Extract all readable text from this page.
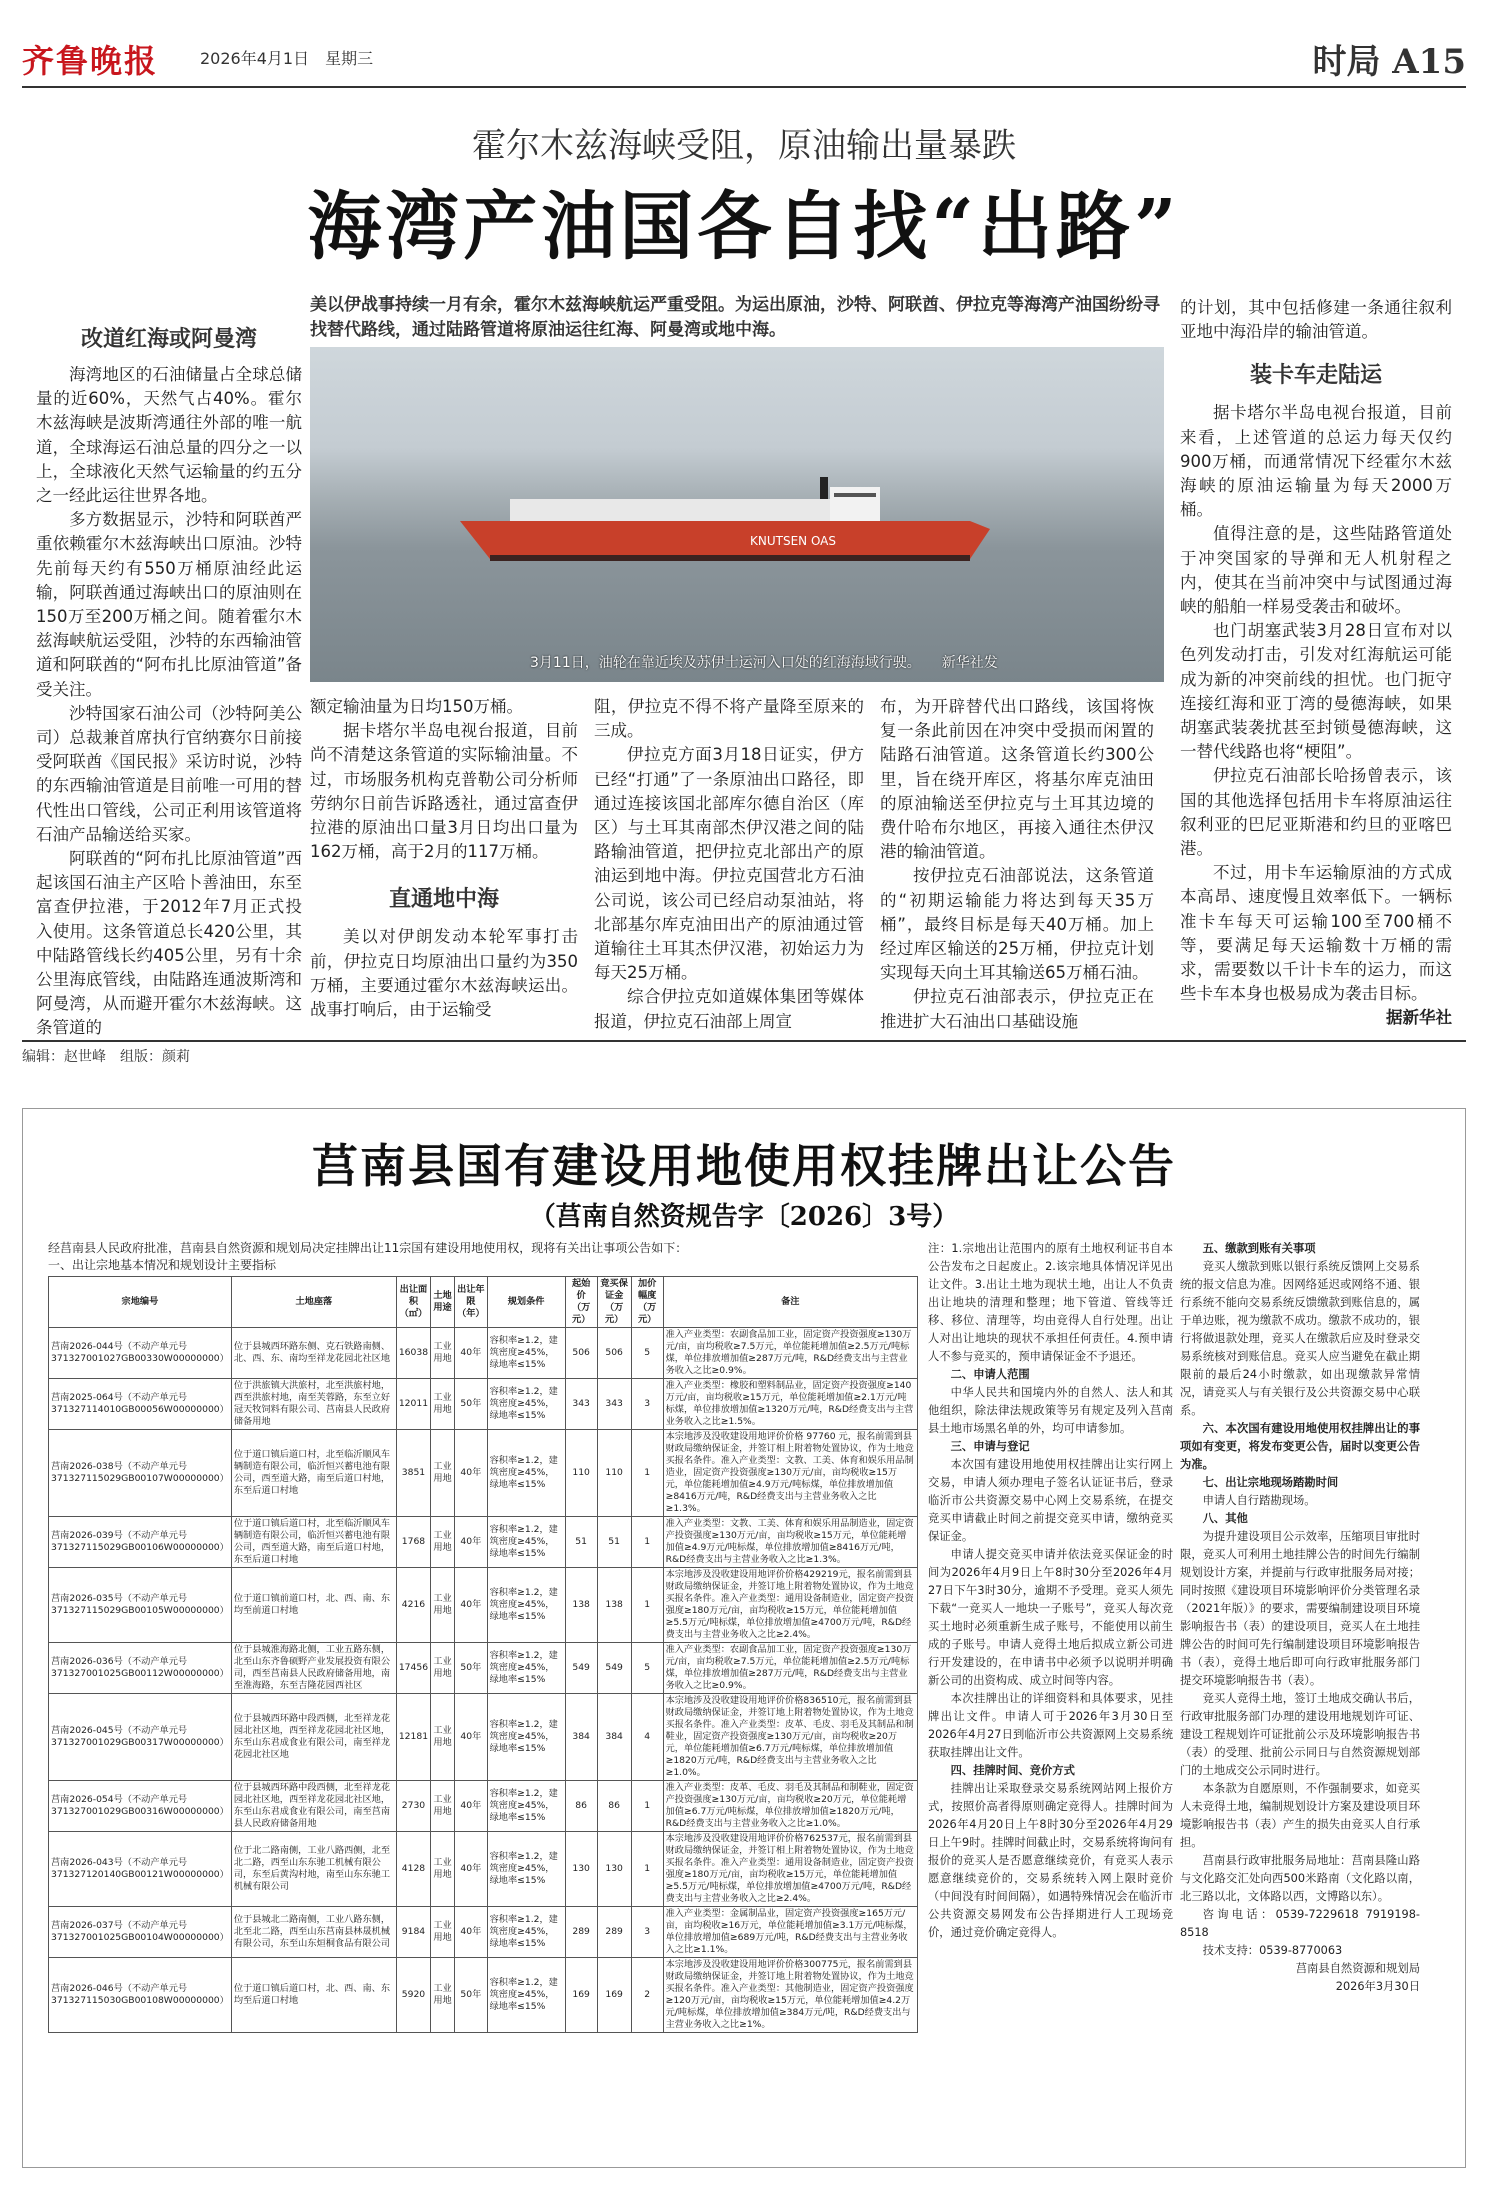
齐鲁晚报	2026年4月1日　 星期三	时局 A15
霍尔木兹海峡受阻，原油输出量暴跌
海湾产油国各自找“出路”
美以伊战事持续一月有余，霍尔木兹海峡航运严重受阻。为运出原油，沙特、阿联酋、伊拉克等海湾产油国纷纷寻找替代路线，通过陆路管道将原油运往红海、阿曼湾或地中海。
改道红海或阿曼湾

海湾地区的石油储量占全球总储量的近60%，天然气占40%。霍尔木兹海峡是波斯湾通往外部的唯一航道，全球海运石油总量的四分之一以上，全球液化天然气运输量的约五分之一经此运往世界各地。

多方数据显示，沙特和阿联酋严重依赖霍尔木兹海峡出口原油。沙特先前每天约有550万桶原油经此运输，阿联酋通过海峡出口的原油则在150万至200万桶之间。随着霍尔木兹海峡航运受阻，沙特的东西输油管道和阿联酋的“阿布扎比原油管道”备受关注。

沙特国家石油公司（沙特阿美公司）总裁兼首席执行官纳赛尔日前接受阿联酋《国民报》采访时说，沙特的东西输油管道是目前唯一可用的替代性出口管线，公司正利用该管道将石油产品输送给买家。

阿联酋的“阿布扎比原油管道”西起该国石油主产区哈卜善油田，东至富查伊拉港，于2012年7月正式投入使用。这条管道总长420公里，其中陆路管线长约405公里，另有十余公里海底管线，由陆路连通波斯湾和阿曼湾，从而避开霍尔木兹海峡。这条管道的

KNUTSEN OAS
3月11日，油轮在靠近埃及苏伊士运河入口处的红海海域行驶。　　新华社发

额定输油量为日均150万桶。

据卡塔尔半岛电视台报道，目前尚不清楚这条管道的实际输油量。不过，市场服务机构克普勒公司分析师劳纳尔日前告诉路透社，通过富查伊拉港的原油出口量3月日均出口量为162万桶，高于2月的117万桶。

直通地中海

美以对伊朗发动本轮军事打击前，伊拉克日均原油出口量约为350万桶，主要通过霍尔木兹海峡运出。战事打响后，由于运输受

阻，伊拉克不得不将产量降至原来的三成。

伊拉克方面3月18日证实，伊方已经“打通”了一条原油出口路径，即通过连接该国北部库尔德自治区（库区）与土耳其南部杰伊汉港之间的陆路输油管道，把伊拉克北部出产的原油运到地中海。伊拉克国营北方石油公司说，该公司已经启动泵油站，将北部基尔库克油田出产的原油通过管道输往土耳其杰伊汉港，初始运力为每天25万桶。

综合伊拉克如道媒体集团等媒体报道，伊拉克石油部上周宣

布，为开辟替代出口路线，该国将恢复一条此前因在冲突中受损而闲置的陆路石油管道。这条管道长约300公里，旨在绕开库区，将基尔库克油田的原油输送至伊拉克与土耳其边境的费什哈布尔地区，再接入通往杰伊汉港的输油管道。

按伊拉克石油部说法，这条管道的“初期运输能力将达到每天35万桶”，最终目标是每天40万桶。加上经过库区输送的25万桶，伊拉克计划实现每天向土耳其输送65万桶石油。

伊拉克石油部表示，伊拉克正在推进扩大石油出口基础设施

的计划，其中包括修建一条通往叙利亚地中海沿岸的输油管道。

装卡车走陆运

据卡塔尔半岛电视台报道，目前来看，上述管道的总运力每天仅约900万桶，而通常情况下经霍尔木兹海峡的原油运输量为每天2000万桶。

值得注意的是，这些陆路管道处于冲突国家的导弹和无人机射程之内，使其在当前冲突中与试图通过海峡的船舶一样易受袭击和破坏。

也门胡塞武装3月28日宣布对以色列发动打击，引发对红海航运可能成为新的冲突前线的担忧。也门扼守连接红海和亚丁湾的曼德海峡，如果胡塞武装袭扰甚至封锁曼德海峡，这一替代线路也将“梗阻”。

伊拉克石油部长哈扬曾表示，该国的其他选择包括用卡车将原油运往叙利亚的巴尼亚斯港和约旦的亚喀巴港。

不过，用卡车运输原油的方式成本高昂、速度慢且效率低下。一辆标准卡车每天可运输100至700桶不等，要满足每天运输数十万桶的需求，需要数以千计卡车的运力，而这些卡车本身也极易成为袭击目标。

据新华社
编辑：赵世峰　组版：颜莉
莒南县国有建设用地使用权挂牌出让公告
（莒南自然资规告字〔2026〕3号）
经莒南县人民政府批准，莒南县自然资源和规划局决定挂牌出让11宗国有建设用地使用权，现将有关出让事项公告如下：
一、出让宗地基本情况和规划设计主要指标
宗地编号	土地座落	出让面积（㎡）	土地用途	出让年限（年）	规划条件	起始价（万元）	竞买保证金（万元）	加价幅度（万元）	备注
莒南2026-044号（不动产单元号371327001027GB00330W00000000）	位于县城西环路东侧、克石铁路南侧、北、西、东、南均至祥龙花园北社区地	16038	工业用地	40年	容积率≥1.2，建筑密度≥45%，绿地率≤15%	506	506	5	准入产业类型：农副食品加工业，固定资产投资强度≥130万元/亩，亩均税收≥7.5万元，单位能耗增加值≥2.5万元/吨标煤，单位排放增加值≥287万元/吨，R&D经费支出与主营业务收入之比≥0.9%。
莒南2025-064号（不动产单元号371327114010GB00056W00000000）	位于洪旅镇大洪旅村，北至洪旅村地，西至洪旅村地，南至芙蓉路，东至立好冠天牧饲料有限公司、莒南县人民政府储备用地	12011	工业用地	50年	容积率≥1.2，建筑密度≥45%，绿地率≤15%	343	343	3	准入产业类型：橡胶和塑料制品业，固定资产投资强度≥140万元/亩，亩均税收≥15万元，单位能耗增加值≥2.1万元/吨标煤，单位排放增加值≥1320万元/吨，R&D经费支出与主营业务收入之比≥1.5%。
莒南2026-038号（不动产单元号371327115029GB00107W00000000）	位于道口镇后道口村，北至临沂顺风车辆制造有限公司，临沂恒兴蓄电池有限公司，西至道大路，南至后道口村地，东至后道口村地	3851	工业用地	40年	容积率≥1.2，建筑密度≥45%，绿地率≤15%	110	110	1	本宗地涉及没收建设用地评价价格 97760 元，报名前需到县财政局缴纳保证金，并签订相上附着物处置协议，作为土地竞买报名条件。准入产业类型：文教、工美、体育和娱乐用品制造业，固定资产投资强度≥130万元/亩，亩均税收≥15万元，单位能耗增加值≥4.9万元/吨标煤，单位排放增加值≥8416万元/吨，R&D经费支出与主营业务收入之比≥1.3%。
莒南2026-039号（不动产单元号371327115029GB00106W00000000）	位于道口镇后道口村，北至临沂顺风车辆制造有限公司，临沂恒兴蓄电池有限公司，西至道大路，南至后道口村地，东至后道口村地	1768	工业用地	40年	容积率≥1.2，建筑密度≥45%，绿地率≤15%	51	51	1	准入产业类型：文教、工美、体育和娱乐用品制造业，固定资产投资强度≥130万元/亩，亩均税收≥15万元，单位能耗增加值≥4.9万元/吨标煤，单位排放增加值≥8416万元/吨，R&D经费支出与主营业务收入之比≥1.3%。
莒南2026-035号（不动产单元号371327115029GB00105W00000000）	位于道口镇前道口村，北、西、南、东均至前道口村地	4216	工业用地	40年	容积率≥1.2，建筑密度≥45%，绿地率≤15%	138	138	1	本宗地涉及没收建设用地评价价格429219元，报名前需到县财政局缴纳保证金，并签订地上附着物处置协议，作为土地竞买报名条件。准入产业类型：通用设备制造业，固定资产投资强度≥180万元/亩，亩均税收≥15万元，单位能耗增加值≥5.5万元/吨标煤，单位排放增加值≥4700万元/吨，R&D经费支出与主营业务收入之比≥2.4%。
莒南2026-036号（不动产单元号371327001025GB00112W00000000）	位于县城淮海路北侧，工业五路东侧，北至山东齐鲁硕野产业发展投资有限公司，西至莒南县人民政府储备用地，南至淮海路，东至吉隆花园西社区	17456	工业用地	50年	容积率≥1.2，建筑密度≥45%，绿地率≤15%	549	549	5	准入产业类型：农副食品加工业，固定资产投资强度≥130万元/亩，亩均税收≥7.5万元，单位能耗增加值≥2.5万元/吨标煤，单位排放增加值≥287万元/吨，R&D经费支出与主营业务收入之比≥0.9%。
莒南2026-045号（不动产单元号371327001029GB00317W00000000）	位于县城西环路中段西侧，北至祥龙花园北社区地，西至祥龙花园北社区地，东至山东君成食业有限公司，南至祥龙花园北社区地	12181	工业用地	40年	容积率≥1.2，建筑密度≥45%，绿地率≤15%	384	384	4	本宗地涉及没收建设用地评价价格836510元，报名前需到县财政局缴纳保证金，并签订地上附着物处置协议，作为土地竞买报名条件。准入产业类型：皮革、毛皮、羽毛及其制品和制鞋业，固定资产投资强度≥130万元/亩，亩均税收≥20万元，单位能耗增加值≥6.7万元/吨标煤，单位排放增加值≥1820万元/吨，R&D经费支出与主营业务收入之比≥1.0%。
莒南2026-054号（不动产单元号371327001029GB00316W00000000）	位于县城西环路中段西侧，北至祥龙花园北社区地，西至祥龙花园北社区地，东至山东君成食业有限公司，南至莒南县人民政府储备用地	2730	工业用地	40年	容积率≥1.2，建筑密度≥45%，绿地率≤15%	86	86	1	准入产业类型：皮革、毛皮、羽毛及其制品和制鞋业，固定资产投资强度≥130万元/亩，亩均税收≥20万元，单位能耗增加值≥6.7万元/吨标煤，单位排放增加值≥1820万元/吨，R&D经费支出与主营业务收入之比≥1.0%。
莒南2026-043号（不动产单元号371327120140GB00121W00000000）	位于北二路南侧，工业八路西侧，北至北二路，西至山东东驰工机械有限公司，东至后黄沟村地，南至山东东驰工机械有限公司	4128	工业用地	40年	容积率≥1.2，建筑密度≥45%，绿地率≤15%	130	130	1	本宗地涉及没收建设用地评价价格762537元，报名前需到县财政局缴纳保证金，并签订相上附着物处置协议，作为土地竞买报名条件。准入产业类型：通用设备制造业，固定资产投资强度≥180万元/亩，亩均税收≥15万元，单位能耗增加值≥5.5万元/吨标煤，单位排放增加值≥4700万元/吨，R&D经费支出与主营业务收入之比≥2.4%。
莒南2026-037号（不动产单元号371327001025GB00104W00000000）	位于县城北二路南侧，工业八路东侧，北至北二路，西至山东莒南县林晟机械有限公司，东至山东烜桐食品有限公司	9184	工业用地	40年	容积率≥1.2，建筑密度≥45%，绿地率≤15%	289	289	3	准入产业类型：金属制品业，固定资产投资强度≥165万元/亩，亩均税收≥16万元，单位能耗增加值≥3.1万元/吨标煤，单位排放增加值≥689万元/吨，R&D经费支出与主营业务收入之比≥1.1%。
莒南2026-046号（不动产单元号371327115030GB00108W00000000）	位于道口镇后道口村，北、西、南、东均至后道口村地	5920	工业用地	50年	容积率≥1.2，建筑密度≥45%，绿地率≤15%	169	169	2	本宗地涉及没收建设用地评价价格300775元，报名前需到县财政局缴纳保证金，并签订地上附着物处置协议，作为土地竞买报名条件。准入产业类型：其他制造业，固定资产投资强度≥120万元/亩，亩均税收≥15万元，单位能耗增加值≥4.2万元/吨标煤，单位排放增加值≥384万元/吨，R&D经费支出与主营业务收入之比≥1%。

注：1.宗地出让范围内的原有土地权利证书自本公告发布之日起废止。2.该宗地具体情况详见出让文件。3.出让土地为现状土地，出让人不负责出让地块的清理和整理；地下管道、管线等迁移、移位、清理等，均由竞得人自行处理。出让人对出让地块的现状不承担任何责任。4.预申请人不参与竞买的，预申请保证金不予退还。

二、申请人范围

中华人民共和国境内外的自然人、法人和其他组织，除法律法规政策等另有规定及列入莒南县土地市场黑名单的外，均可申请参加。

三、申请与登记

本次国有建设用地使用权挂牌出让实行网上交易，申请人须办理电子签名认证证书后，登录临沂市公共资源交易中心网上交易系统，在提交竞买申请截止时间之前提交竞买申请，缴纳竞买保证金。

申请人提交竞买申请并依法竞买保证金的时间为2026年4月9日上午8时30分至2026年4月27日下午3时30分，逾期不予受理。竞买人须先下载“一竞买人一地块一子账号”，竞买人每次竞买土地时必须重新生成子账号，不能使用以前生成的子账号。申请人竞得土地后拟成立新公司进行开发建设的，在申请书中必须予以说明并明确新公司的出资构成、成立时间等内容。

本次挂牌出让的详细资料和具体要求，见挂牌出让文件。申请人可于2026年3月30日至2026年4月27日到临沂市公共资源网上交易系统获取挂牌出让文件。

四、挂牌时间、竞价方式

挂牌出让采取登录交易系统网站网上报价方式，按照价高者得原则确定竞得人。挂牌时间为2026年4月20日上午8时30分至2026年4月29日上午9时。挂牌时间截止时，交易系统将询问有报价的竞买人是否愿意继续竞价，有竞买人表示愿意继续竞价的，交易系统转入网上限时竞价（中间没有时间间隔），如遇特殊情况会在临沂市公共资源交易网发布公告择期进行人工现场竞价，通过竞价确定竞得人。

五、缴款到账有关事项

竞买人缴款到账以银行系统反馈网上交易系统的报文信息为准。因网络延迟或网络不通、银行系统不能向交易系统反馈缴款到账信息的，属于单边账，视为缴款不成功。缴款不成功的，银行将做退款处理，竞买人在缴款后应及时登录交易系统核对到账信息。竞买人应当避免在截止期限前的最后24小时缴款，如出现缴款异常情况，请竞买人与有关银行及公共资源交易中心联系。

六、本次国有建设用地使用权挂牌出让的事项如有变更，将发布变更公告，届时以变更公告为准。
七、出让宗地现场踏勘时间

申请人自行踏勘现场。

八、其他

为提升建设项目公示效率，压缩项目审批时限，竞买人可利用土地挂牌公告的时间先行编制规划设计方案，并提前与行政审批服务局对接；同时按照《建设项目环境影响评价分类管理名录（2021年版）》的要求，需要编制建设项目环境影响报告书（表）的建设项目，竞买人在土地挂牌公告的时间可先行编制建设项目环境影响报告书（表），竞得土地后即可向行政审批服务部门提交环境影响报告书（表）。

竞买人竞得土地，签订土地成交确认书后，行政审批服务部门办理的建设用地规划许可证、建设工程规划许可证批前公示及环境影响报告书（表）的受理、批前公示同日与自然资源规划部门的土地成交公示同时进行。

本条款为自愿原则，不作强制要求，如竞买人未竞得土地，编制规划设计方案及建设项目环境影响报告书（表）产生的损失由竞买人自行承担。

莒南县行政审批服务局地址：莒南县隆山路与文化路交汇处向西500米路南（文化路以南，北三路以北，文体路以西，文博路以东）。

咨询电话：0539-7229618 7919198-8518

技术支持：0539-8770063

莒南县自然资源和规划局
2026年3月30日
